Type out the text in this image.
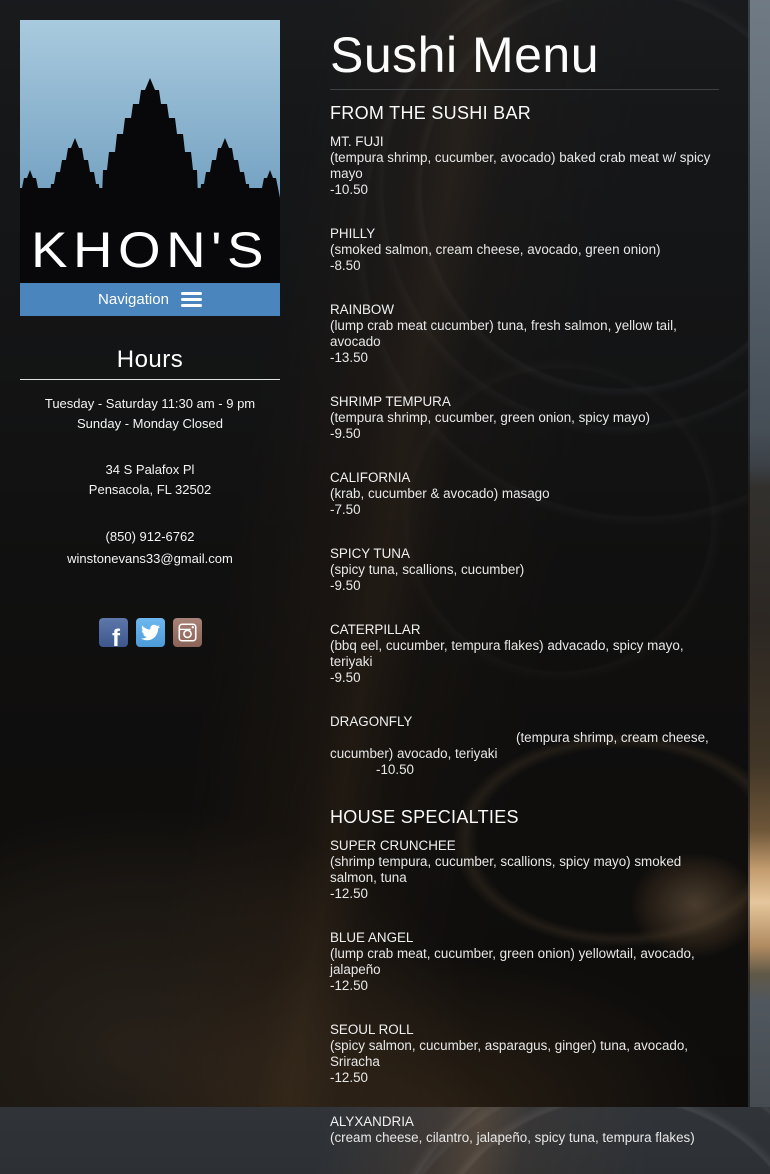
KHON'S
Navigation
Hours

Tuesday - Saturday 11:30 am - 9 pm
Sunday - Monday Closed

34 S Palafox Pl
Pensacola, FL 32502

(850) 912-6762
winstonevans33@gmail.com

f
Sushi Menu
FROM THE SUSHI BAR
MT. FUJI
(tempura shrimp, cucumber, avocado) baked crab meat w/ spicy mayo
-10.50
PHILLY
(smoked salmon, cream cheese, avocado, green onion)
-8.50
RAINBOW
(lump crab meat cucumber) tuna, fresh salmon, yellow tail, avocado
-13.50
SHRIMP TEMPURA
(tempura shrimp, cucumber, green onion, spicy mayo)
-9.50
CALIFORNIA
(krab, cucumber & avocado) masago
-7.50
SPICY TUNA
(spicy tuna, scallions, cucumber)
-9.50
CATERPILLAR
(bbq eel, cucumber, tempura flakes) advacado, spicy mayo, teriyaki
-9.50
DRAGONFLY
(tempura shrimp, cream cheese,
cucumber) avocado, teriyaki
-10.50
HOUSE SPECIALTIES
SUPER CRUNCHEE
(shrimp tempura, cucumber, scallions, spicy mayo) smoked salmon, tuna
-12.50
BLUE ANGEL
(lump crab meat, cucumber, green onion) yellowtail, avocado, jalapeño
-12.50
SEOUL ROLL
(spicy salmon, cucumber, asparagus, ginger) tuna, avocado, Sriracha
-12.50
ALYXANDRIA
(cream cheese, cilantro, jalapeño, spicy tuna, tempura flakes)
